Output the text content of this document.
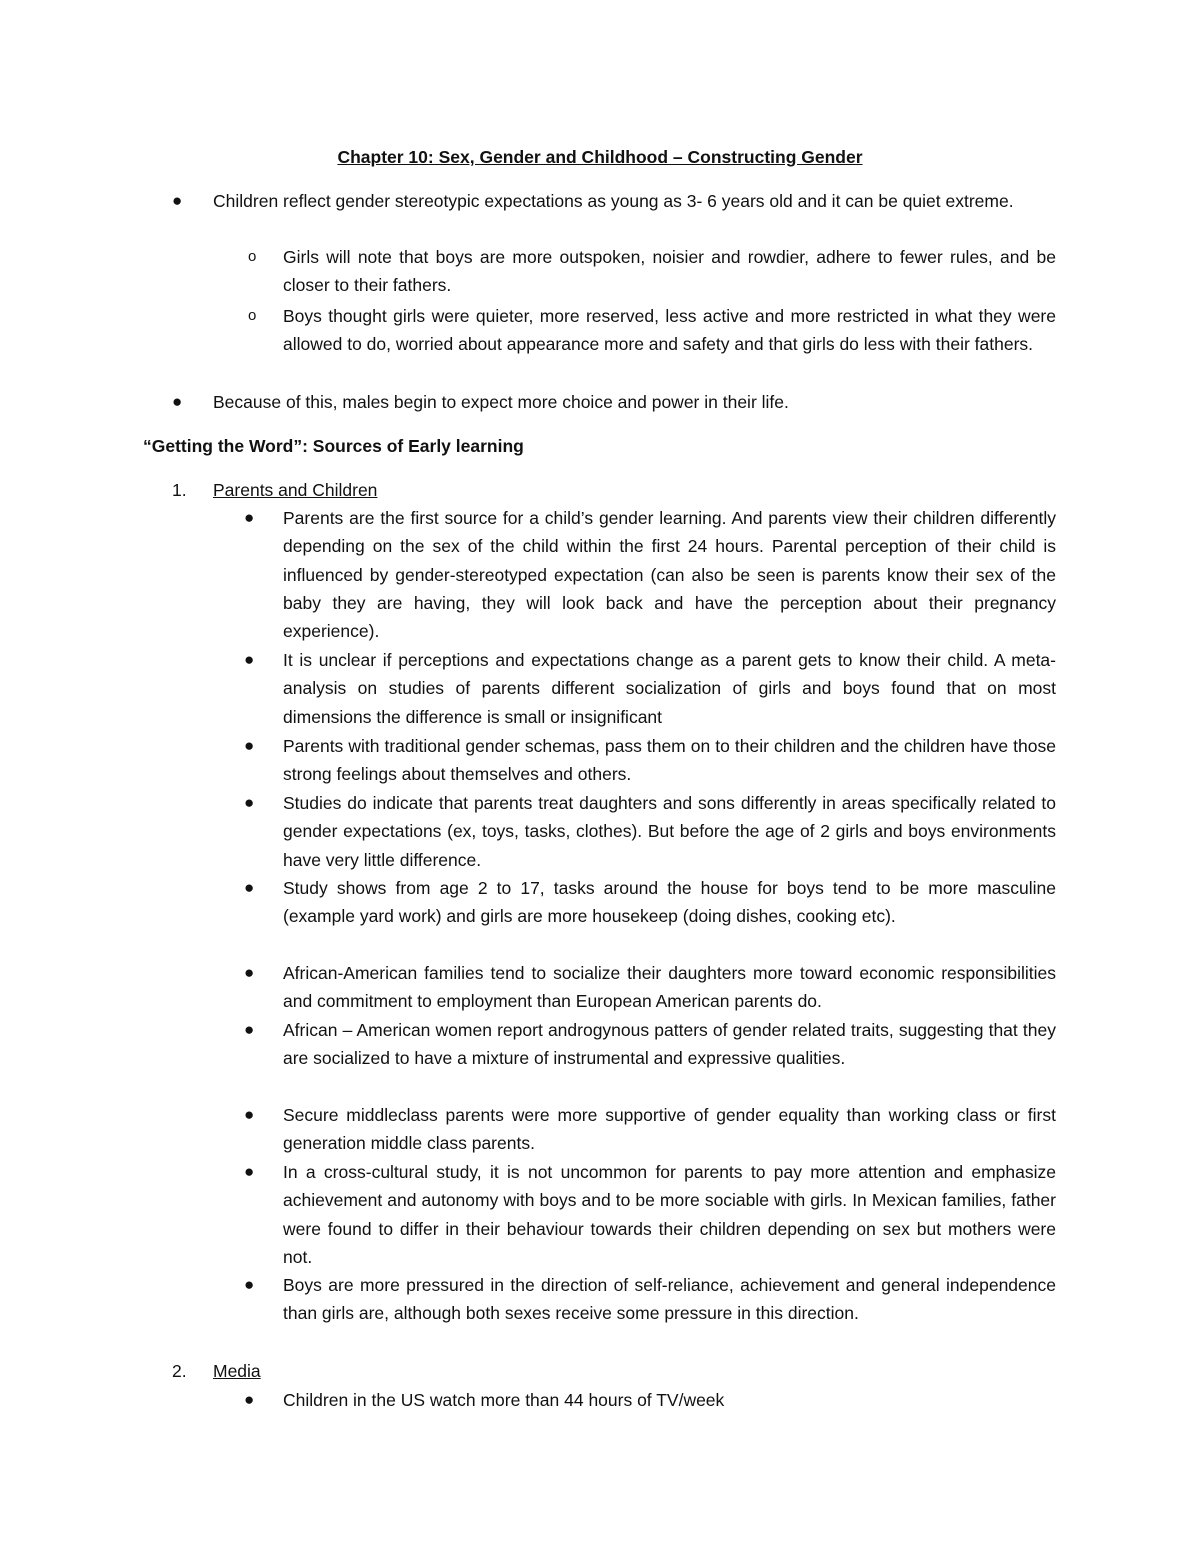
Chapter 10: Sex, Gender and Childhood – Constructing Gender
● Children reflect gender stereotypic expectations as young as 3- 6 years old and it can be quiet extreme.
o Girls will note that boys are more outspoken, noisier and rowdier, adhere to fewer rules, and be closer to their fathers.
o Boys thought girls were quieter, more reserved, less active and more restricted in what they were allowed to do, worried about appearance more and safety and that girls do less with their fathers.
● Because of this, males begin to expect more choice and power in their life.
“Getting the Word”: Sources of Early learning
1. Parents and Children
● Parents are the first source for a child’s gender learning. And parents view their children differently depending on the sex of the child within the first 24 hours. Parental perception of their child is influenced by gender-stereotyped expectation (can also be seen is parents know their sex of the baby they are having, they will look back and have the perception about their pregnancy experience).
● It is unclear if perceptions and expectations change as a parent gets to know their child. A meta-analysis on studies of parents different socialization of girls and boys found that on most dimensions the difference is small or insignificant
● Parents with traditional gender schemas, pass them on to their children and the children have those strong feelings about themselves and others.
● Studies do indicate that parents treat daughters and sons differently in areas specifically related to gender expectations (ex, toys, tasks, clothes). But before the age of 2 girls and boys environments have very little difference.
● Study shows from age 2 to 17, tasks around the house for boys tend to be more masculine (example yard work) and girls are more housekeep (doing dishes, cooking etc).
● African-American families tend to socialize their daughters more toward economic responsibilities and commitment to employment than European American parents do.
● African – American women report androgynous patters of gender related traits, suggesting that they are socialized to have a mixture of instrumental and expressive qualities.
● Secure middleclass parents were more supportive of gender equality than working class or first generation middle class parents.
● In a cross-cultural study, it is not uncommon for parents to pay more attention and emphasize achievement and autonomy with boys and to be more sociable with girls. In Mexican families, father were found to differ in their behaviour towards their children depending on sex but mothers were not.
● Boys are more pressured in the direction of self-reliance, achievement and general independence than girls are, although both sexes receive some pressure in this direction.
2. Media
● Children in the US watch more than 44 hours of TV/week
